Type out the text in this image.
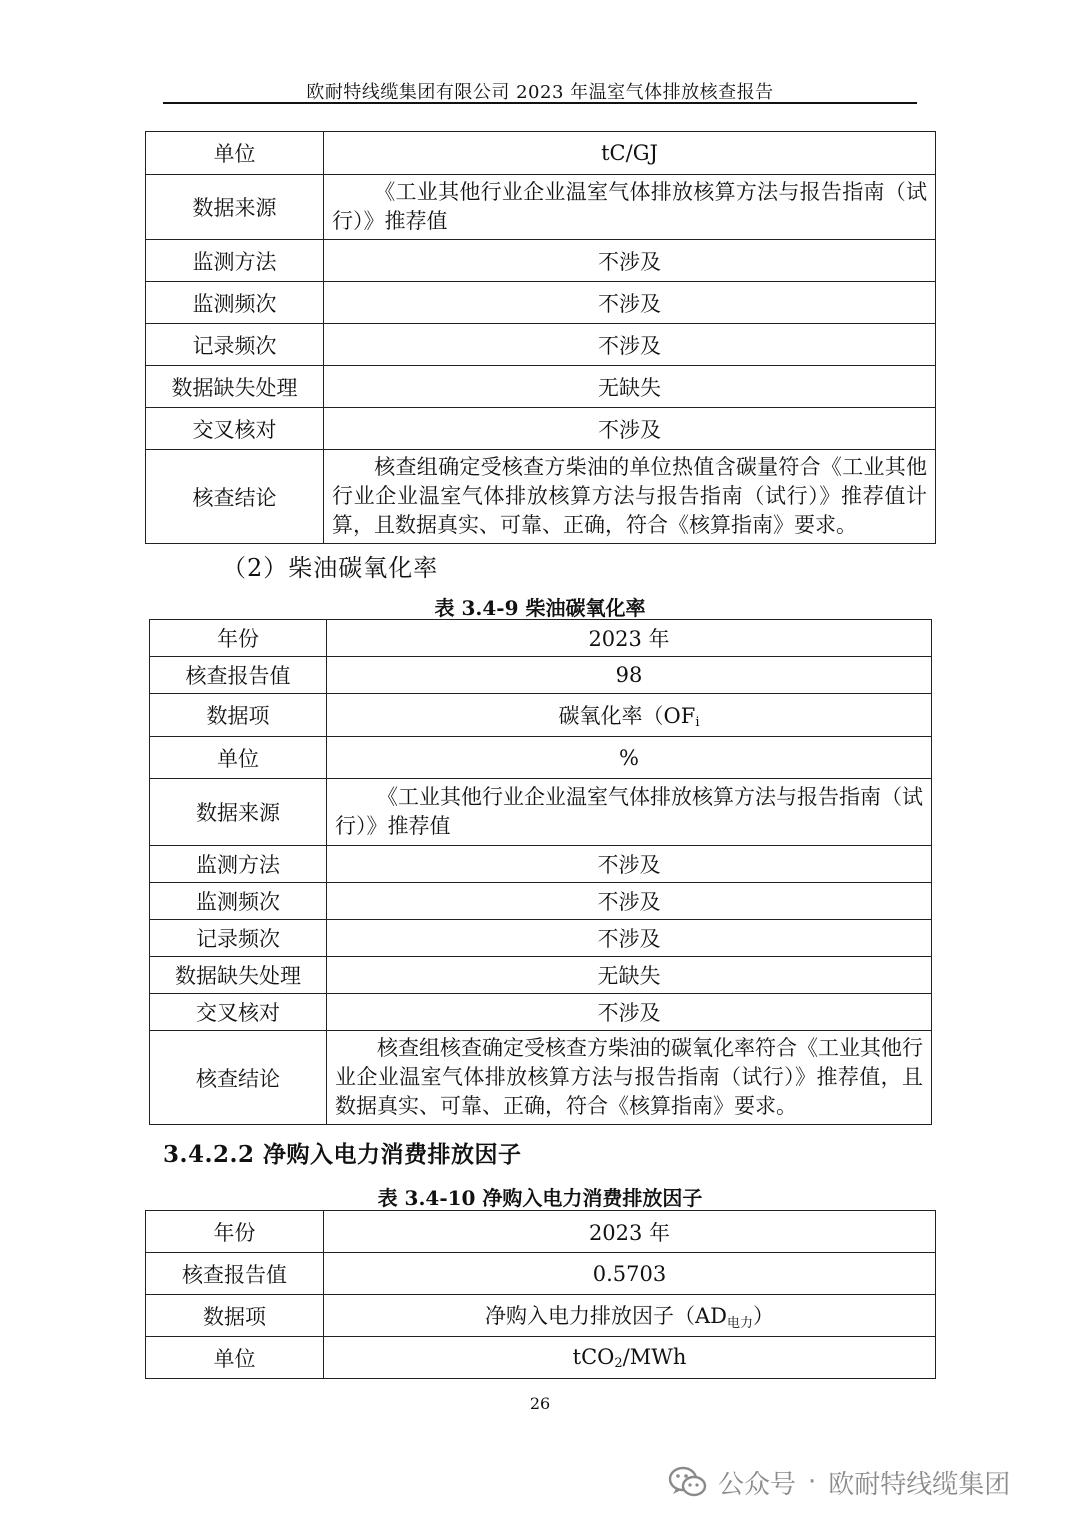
欧耐特线缆集团有限公司 2023 年温室气体排放核查报告
单位	tC/GJ
数据来源	《工业其他行业企业温室气体排放核算方法与报告指南（试行）》推荐值
监测方法	不涉及
监测频次	不涉及
记录频次	不涉及
数据缺失处理	无缺失
交叉核对	不涉及
核查结论	核查组确定受核查方柴油的单位热值含碳量符合《工业其他行业企业温室气体排放核算方法与报告指南（试行）》推荐值计算，且数据真实、可靠、正确，符合《核算指南》要求。
（2）柴油碳氧化率
表 3.4-9 柴油碳氧化率
年份	2023 年
核查报告值	98
数据项	碳氧化率（$OF_i$
单位	%
数据来源	《工业其他行业企业温室气体排放核算方法与报告指南（试行）》推荐值
监测方法	不涉及
监测频次	不涉及
记录频次	不涉及
数据缺失处理	无缺失
交叉核对	不涉及
核查结论	核查组核查确定受核查方柴油的碳氧化率符合《工业其他行业企业温室气体排放核算方法与报告指南（试行）》推荐值，且数据真实、可靠、正确，符合《核算指南》要求。
3.4.2.2 净购入电力消费排放因子
表 3.4-10 净购入电力消费排放因子
年份	2023 年
核查报告值	0.5703
数据项	净购入电力排放因子（AD电力）
单位	tCO$_2$/MWh
26
公众号 · 欧耐特线缆集团
